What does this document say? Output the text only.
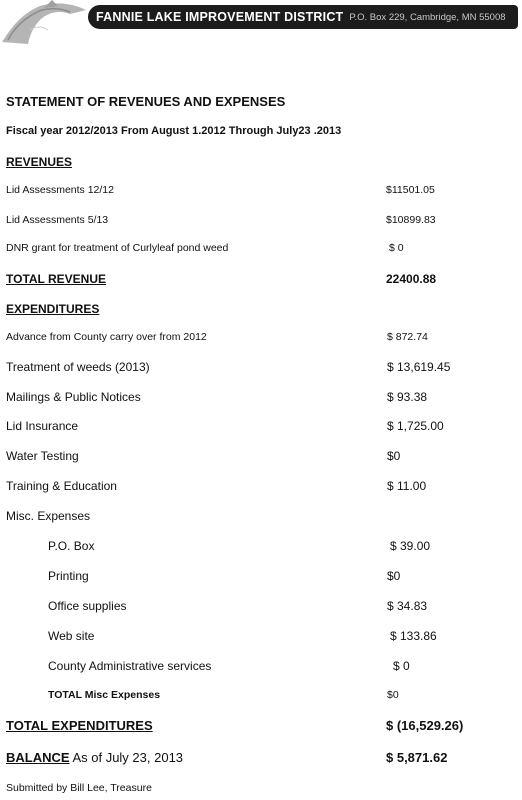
FANNIE LAKE IMPROVEMENT DISTRICT P.O. Box 229, Cambridge, MN 55008
STATEMENT OF REVENUES AND EXPENSES
Fiscal year 2012/2013 From August 1.2012 Through July23 .2013
REVENUES
Lid Assessments 12/12	$11501.05
Lid Assessments 5/13	$10899.83
DNR grant for treatment of Curlyleaf pond weed	$ 0
TOTAL REVENUE	22400.88
EXPENDITURES
Advance from County carry over from 2012	$ 872.74
Treatment of weeds (2013)	$ 13,619.45
Mailings & Public Notices	$ 93.38
Lid Insurance	$ 1,725.00
Water Testing	$0
Training & Education	$ 11.00
Misc. Expenses
P.O. Box	$ 39.00
Printing	$0
Office supplies	$ 34.83
Web site	$ 133.86
County Administrative services	$ 0
TOTAL Misc Expenses	$0
TOTAL EXPENDITURES	$ (16,529.26)
BALANCE As of July 23, 2013	$ 5,871.62
Submitted by Bill Lee, Treasure
